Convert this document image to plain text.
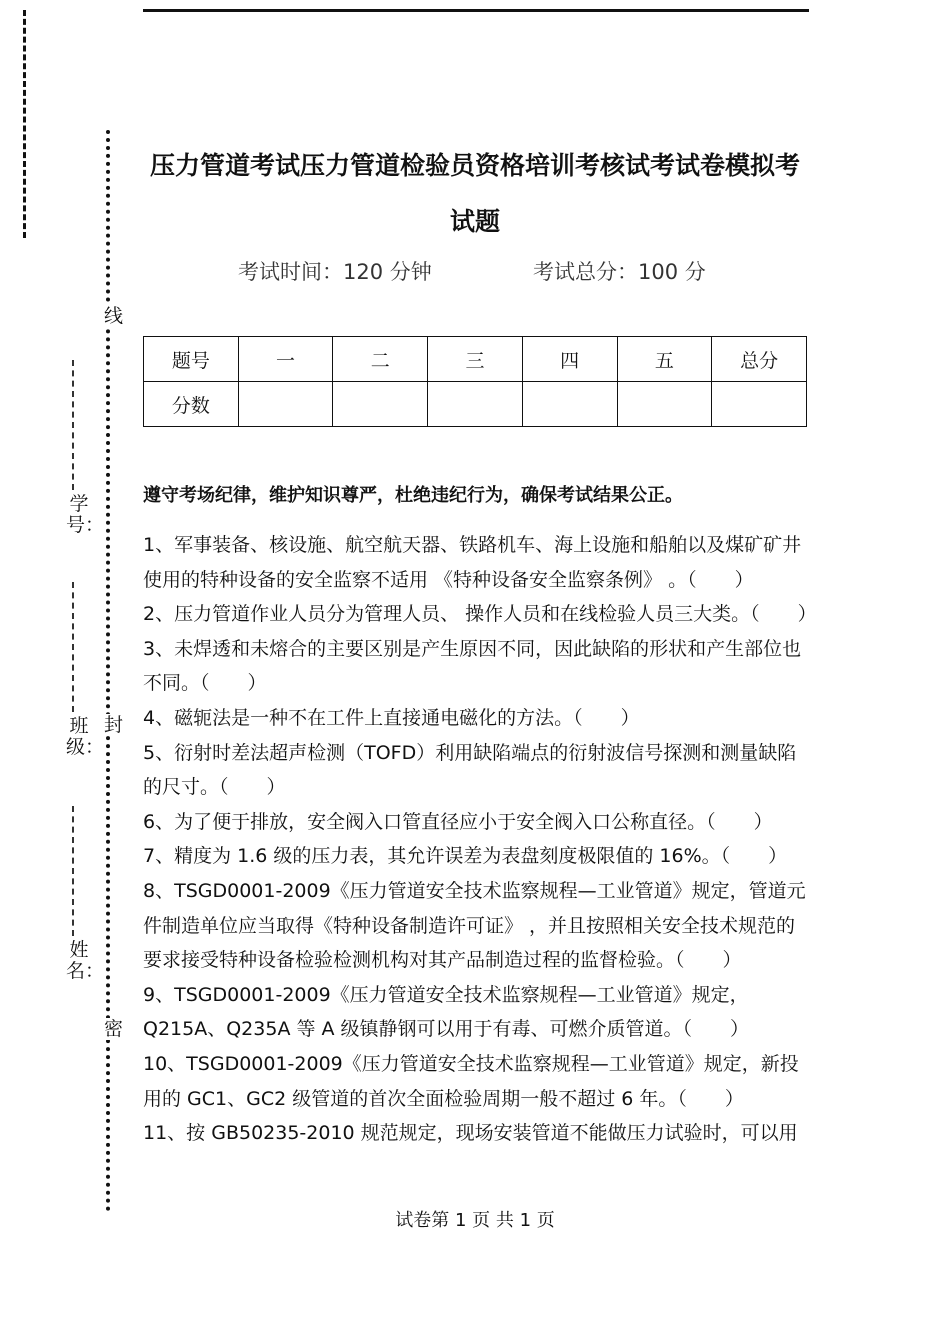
线
封
密
学号：
班级：
姓名：
压力管道考试压力管道检验员资格培训考核试考试卷模拟考试题
考试时间：120 分钟	考试总分：100 分
题号	一	二	三	四	五	总分
分数						
遵守考场纪律，维护知识尊严，杜绝违纪行为，确保考试结果公正。

1、军事装备、核设施、航空航天器、铁路机车、海上设施和船舶以及煤矿矿井使用的特种设备的安全监察不适用 《特种设备安全监察条例》 。（　　）

2、压力管道作业人员分为管理人员、 操作人员和在线检验人员三大类。（　　）

3、未焊透和未熔合的主要区别是产生原因不同，因此缺陷的形状和产生部位也不同。（　　）

4、磁轭法是一种不在工件上直接通电磁化的方法。（　　）

5、衍射时差法超声检测（TOFD）利用缺陷端点的衍射波信号探测和测量缺陷的尺寸。（　　）

6、为了便于排放，安全阀入口管直径应小于安全阀入口公称直径。（　　）

7、精度为 1.6 级的压力表，其允许误差为表盘刻度极限值的 16%。（　　）

8、TSGD0001-2009《压力管道安全技术监察规程—工业管道》规定，管道元件制造单位应当取得《特种设备制造许可证》 ，并且按照相关安全技术规范的要求接受特种设备检验检测机构对其产品制造过程的监督检验。（　　）

9、TSGD0001-2009《压力管道安全技术监察规程—工业管道》规定，Q215A、Q235A 等 A 级镇静钢可以用于有毒、可燃介质管道。（　　）

10、TSGD0001-2009《压力管道安全技术监察规程—工业管道》规定，新投用的 GC1、GC2 级管道的首次全面检验周期一般不超过 6 年。（　　）

11、按 GB50235-2010 规范规定，现场安装管道不能做压力试验时，可以用

试卷第 1 页 共 1 页
